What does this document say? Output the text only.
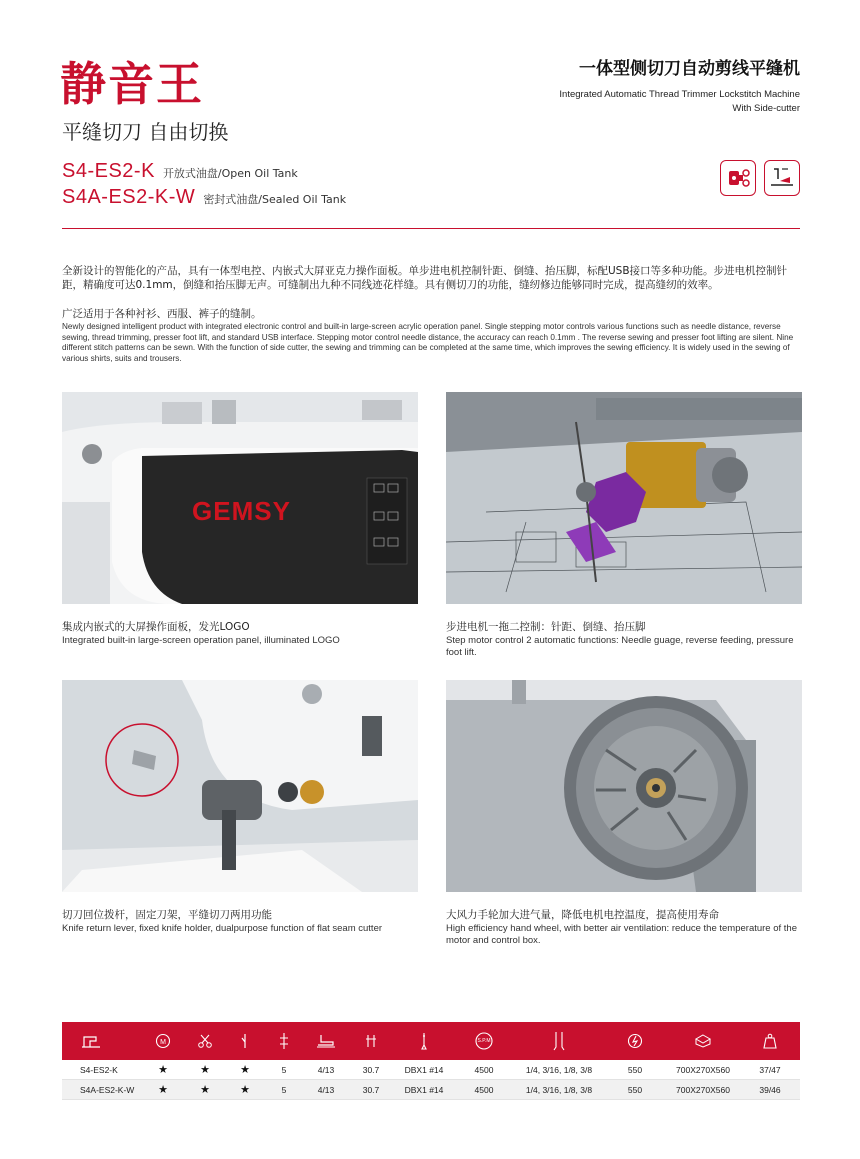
静音王
平缝切刀 自由切换
一体型侧切刀自动剪线平缝机
Integrated Automatic Thread Trimmer Lockstitch Machine
With Side-cutter
S4-ES2-K 开放式油盘/Open Oil Tank
S4A-ES2-K-W 密封式油盘/Sealed Oil Tank
全新设计的智能化的产品，具有一体型电控、内嵌式大屏亚克力操作面板。单步进电机控制针距、倒缝、抬压脚，标配USB接口等多种功能。步进电机控制针距，精确度可达0.1mm，倒缝和抬压脚无声。可缝制出九种不同线迹花样缝。具有侧切刀的功能，缝纫修边能够同时完成，提高缝纫的效率。
广泛适用于各种衬衫、西服、裤子的缝制。
Newly designed intelligent product with integrated electronic control and built-in large-screen acrylic operation panel. Single stepping motor controls various functions such as needle distance, reverse sewing, thread trimming, presser foot lift, and standard USB interface. Stepping motor control needle distance, the accuracy can reach 0.1mm . The reverse sewing and presser foot lifting are silent. Nine different stitch patterns can be sewn. With the function of side cutter, the sewing and trimming can be completed at the same time, which improves the sewing efficiency. It is widely used in the sewing of various shirts, suits and trousers.
GEMSY
集成内嵌式的大屏操作面板，发光LOGO
Integrated built-in large-screen operation panel, illuminated LOGO
步进电机一拖二控制：针距、倒缝、抬压脚
Step motor control 2 automatic functions: Needle guage, reverse feeding, pressure foot lift.
切刀回位拨杆，固定刀架，平缝切刀两用功能
Knife return lever, fixed knife holder, dualpurpose function of flat seam cutter
大风力手轮加大进气量，降低电机电控温度，提高使用寿命
High efficiency hand wheel, with better air ventilation: reduce the temperature of the motor and control box.
M	S.P.M
S4-ES2-K	★	★	★	5	4/13	30.7	DBX1 #14	4500	1/4, 3/16, 1/8, 3/8	550	700X270X560	37/47
S4A-ES2-K-W	★	★	★	5	4/13	30.7	DBX1 #14	4500	1/4, 3/16, 1/8, 3/8	550	700X270X560	39/46
